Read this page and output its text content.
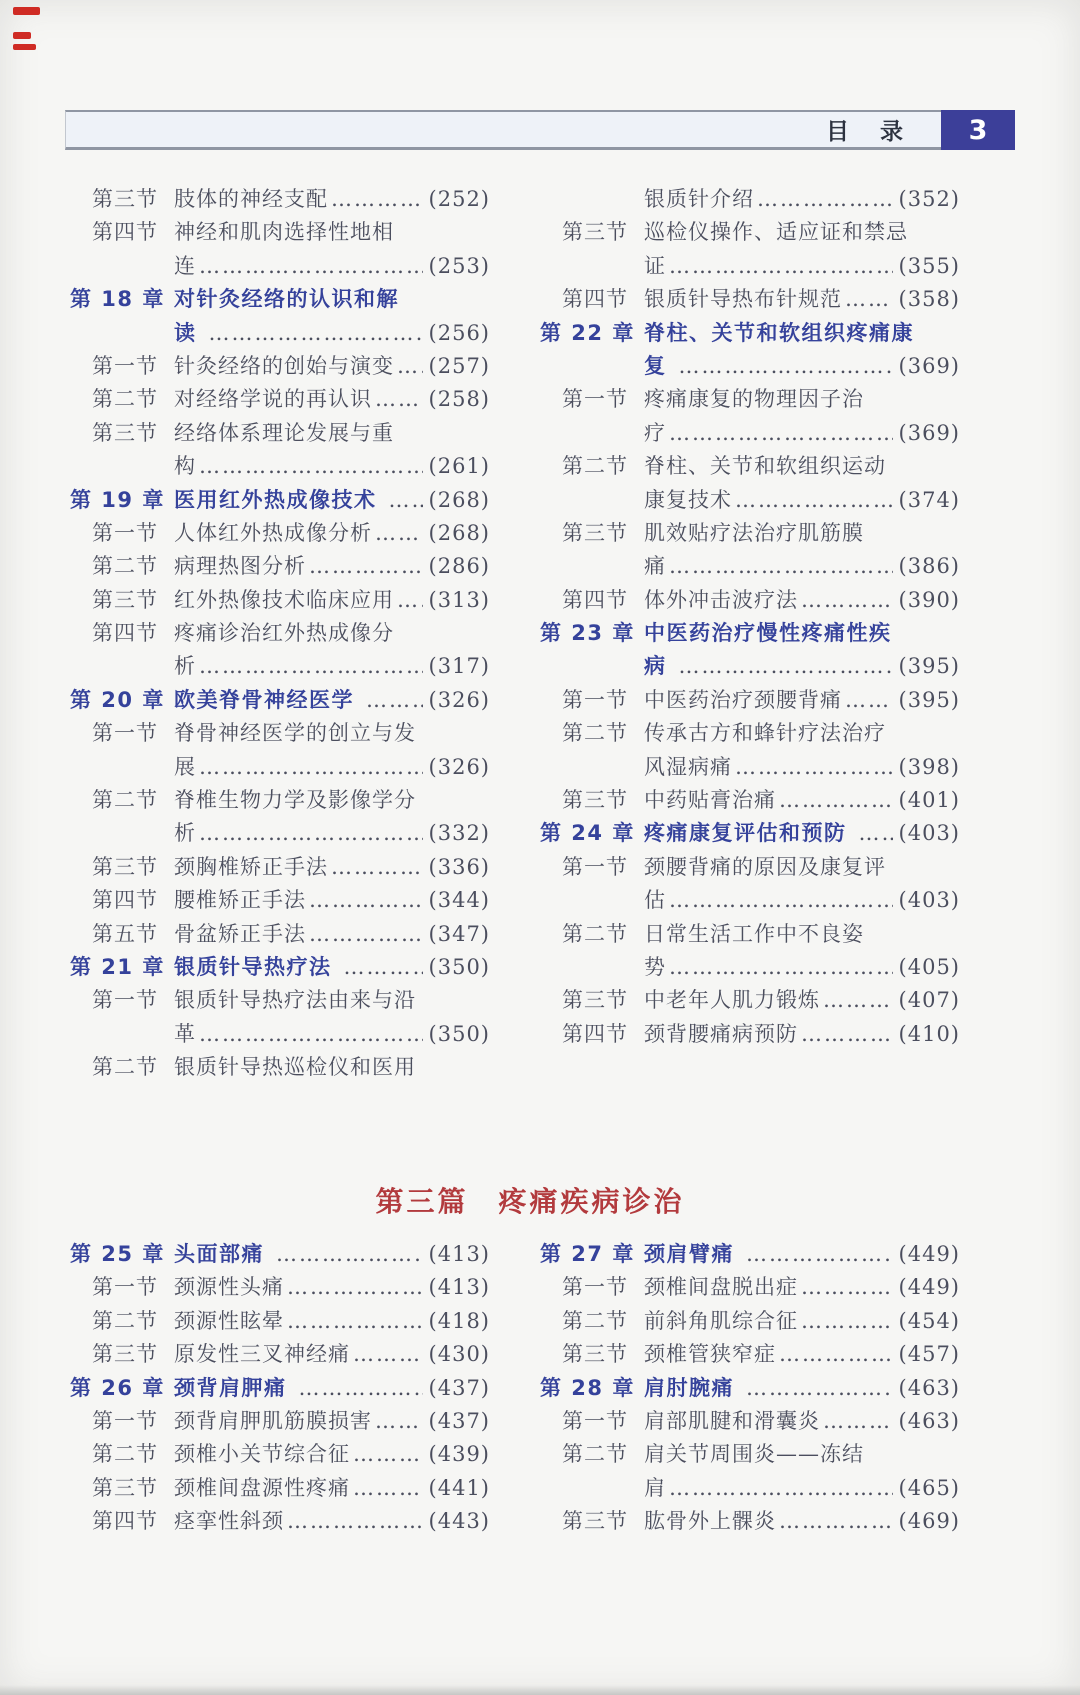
目　录 3
第三节 肢体的神经支配 ………………………………………………………………	(252)
第四节 神经和肌肉选择性地相
连 ………………………………………………………………	(253)
第 18 章 对针灸经络的认识和解
读 ………………………………………………………………	(256)
第一节 针灸经络的创始与演变 ……………………………………………………………… (257)
第二节 对经络学说的再认识 ………………………………………………………………	(258)
第三节 经络体系理论发展与重
构 ………………………………………………………………	(261)
第 19 章 医用红外热成像技术 ……………………………………………………………… (268)
第一节 人体红外热成像分析 ………………………………………………………………	(268)
第二节 病理热图分析 ………………………………………………………………	(286)
第三节 红外热像技术临床应用 ……………………………………………………………… (313)
第四节 疼痛诊治红外热成像分
析 ………………………………………………………………	(317)
第 20 章 欧美脊骨神经医学 ………………………………………………………………	(326)
第一节 脊骨神经医学的创立与发
展 ………………………………………………………………	(326)
第二节 脊椎生物力学及影像学分
析 ………………………………………………………………	(332)
第三节 颈胸椎矫正手法 ………………………………………………………………	(336)
第四节 腰椎矫正手法 ………………………………………………………………	(344)
第五节 骨盆矫正手法 ………………………………………………………………	(347)
第 21 章 银质针导热疗法 ………………………………………………………………	(350)
第一节 银质针导热疗法由来与沿
革 ………………………………………………………………	(350)
第二节 银质针导热巡检仪和医用
银质针介绍 ………………………………………………………………	(352)
第三节 巡检仪操作、适应证和禁忌
证 ………………………………………………………………	(355)
第四节 银质针导热布针规范 ………………………………………………………………	(358)
第 22 章 脊柱、关节和软组织疼痛康
复 ………………………………………………………………	(369)
第一节 疼痛康复的物理因子治
疗 ………………………………………………………………	(369)
第二节 脊柱、关节和软组织运动
康复技术 ………………………………………………………………	(374)
第三节 肌效贴疗法治疗肌筋膜
痛 ………………………………………………………………	(386)
第四节 体外冲击波疗法 ………………………………………………………………	(390)
第 23 章 中医药治疗慢性疼痛性疾
病 ………………………………………………………………	(395)
第一节 中医药治疗颈腰背痛 ………………………………………………………………	(395)
第二节 传承古方和蜂针疗法治疗
风湿病痛 ………………………………………………………………	(398)
第三节 中药贴膏治痛 ………………………………………………………………	(401)
第 24 章 疼痛康复评估和预防 ……………………………………………………………… (403)
第一节 颈腰背痛的原因及康复评
估 ………………………………………………………………	(403)
第二节 日常生活工作中不良姿
势 ………………………………………………………………	(405)
第三节 中老年人肌力锻炼 ………………………………………………………………	(407)
第四节 颈背腰痛病预防 ………………………………………………………………	(410)
第三篇 疼痛疾病诊治
第 25 章 头面部痛 ………………………………………………………………	(413)
第一节 颈源性头痛 ………………………………………………………………	(413)
第二节 颈源性眩晕 ………………………………………………………………	(418)
第三节 原发性三叉神经痛 ………………………………………………………………	(430)
第 26 章 颈背肩胛痛 ………………………………………………………………	(437)
第一节 颈背肩胛肌筋膜损害 ………………………………………………………………	(437)
第二节 颈椎小关节综合征 ………………………………………………………………	(439)
第三节 颈椎间盘源性疼痛 ………………………………………………………………	(441)
第四节 痉挛性斜颈 ………………………………………………………………	(443)
第 27 章 颈肩臂痛 ………………………………………………………………	(449)
第一节 颈椎间盘脱出症 ………………………………………………………………	(449)
第二节 前斜角肌综合征 ………………………………………………………………	(454)
第三节 颈椎管狭窄症 ………………………………………………………………	(457)
第 28 章 肩肘腕痛 ………………………………………………………………	(463)
第一节 肩部肌腱和滑囊炎 ………………………………………………………………	(463)
第二节 肩关节周围炎——冻结
肩 ………………………………………………………………	(465)
第三节 肱骨外上髁炎 ………………………………………………………………	(469)
